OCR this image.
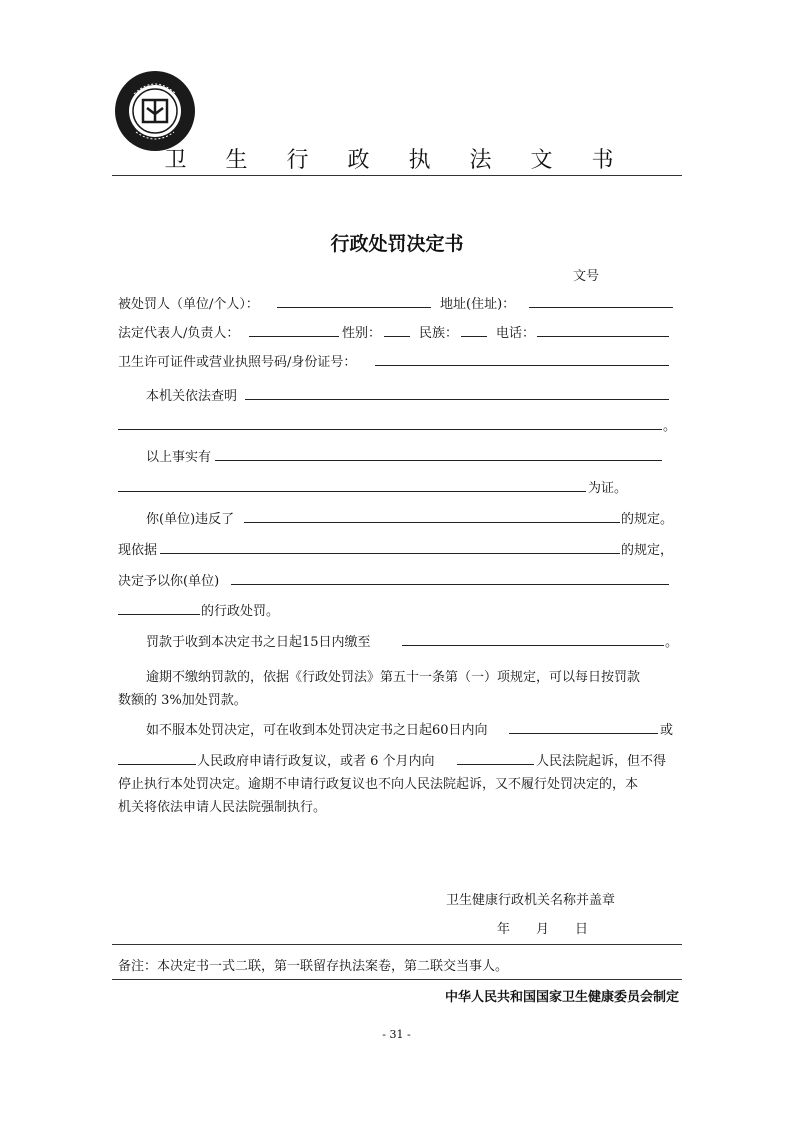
卫 生 行 政 执 法 文 书
行政处罚决定书
文号
被处罚人（单位/个人）：	地址(住址)：
法定代表人/负责人：	性别：	民族：	电话：
卫生许可证件或营业执照号码/身份证号：
本机关依法查明
。
以上事实有
为证。
你(单位)违反了	的规定。
现依据	的规定，
决定予以你(单位)
的行政处罚。
罚款于收到本决定书之日起15日内缴至	。
逾期不缴纳罚款的，依据《行政处罚法》第五十一条第（一）项规定，可以每日按罚款
数额的 3%加处罚款。
如不服本处罚决定，可在收到本处罚决定书之日起60日内向	或
人民政府申请行政复议，或者 6 个月内向	人民法院起诉，但不得
停止执行本处罚决定。逾期不申请行政复议也不向人民法院起诉，又不履行处罚决定的，本
机关将依法申请人民法院强制执行。
卫生健康行政机关名称并盖章
年　　月　　日
备注：本决定书一式二联，第一联留存执法案卷，第二联交当事人。
中华人民共和国国家卫生健康委员会制定
- 31 -
